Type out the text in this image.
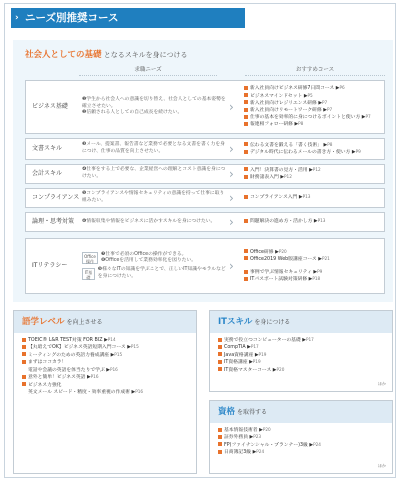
› ニーズ別推奨コース
社会人としての基礎 となるスキルを身につける
求職ニーズ	おすすめコース
ビジネス基礎
❶学生から社会人への意識を切り替え、社会人としての基本姿勢を確立させたい。
❷信頼される人としての自己成長を続けたい。	›
新入社員向けビジネス研修7日間コース ▶P6
ビジネスマインドセット ▶P5
新入社員向けレジリエンス研修 ▶P7
新入社員向けリモートワーク研修 ▶P7
仕事の基本を効率的に身につけるポイントと使い方 ▶P7
報連相フォロー研修 ▶P8
文書スキル
❸メール、提案書、報告書など業務で必要となる文書を書く力を身につけ、仕事の品質を向上させたい。	›	伝わる文書を鍛える「書く技術」 ▶P8
デジタル時代に伝わるメールの書き方・使い方 ▶P9
会計スキル
❹仕事をする上で必要な、企業経営への理解とコスト意識を身につけたい。	›	入門！決算書の見方・活用 ▶P12
財務諸表入門 ▶P12
コンプライアンス
❺コンプライアンスや情報セキュリティの意識を持って仕事に取り組みたい。	›	コンプライアンス入門 ▶P13
論理・思考対策	❻情報収集や情報をビジネスに活かすスキルを身につけたい。	›	問題解決の進め方・活かし方 ▶P13
ITリテラシー
Office操作
❼仕事で必須のOfficeの操作ができる。
❽Officeを活用して業務効率化を図りたい。
IT基礎
❾様々なITの知識を学ぶことで、正しいIT知識やモラルなどを身につけたい。
›
Office研修 ▶P20
Office2019 Web版講座コース ▶P21
事例で学ぶ情報セキュリティ ▶P9
ITパスポート試験対策研修 ▶P18
語学レベル を向上させる
TOEIC® L&R TEST対策 FOR BIZ ▶P14
【丸暗えでOK】ビジネス英語短期入門コース ▶P15
ミーティングのための英語力養成講座 ▶P15
まずはココカラ！
電話や会議の英語を体当たりで学ぶ ▶P16
意外と簡単！ビジネス英語 ▶P16
ビジネス力強化
英文メール スピード・精度・効率重視の作成術 ▶P16
ITスキル を身につける
実務で役立つコンピューターの基礎 ▶P17
CompTIA ▶P17
Java資格講座 ▶P19
IT資格講座 ▶P19
IT資格マスターコース ▶P20
ほか
資格 を取得する
基本情報技術者 ▶P20
証券外務員 ▶P23
FP(ファイナンシャル・プランナー)3級 ▶P24
日商簿記3級 ▶P24
ほか
